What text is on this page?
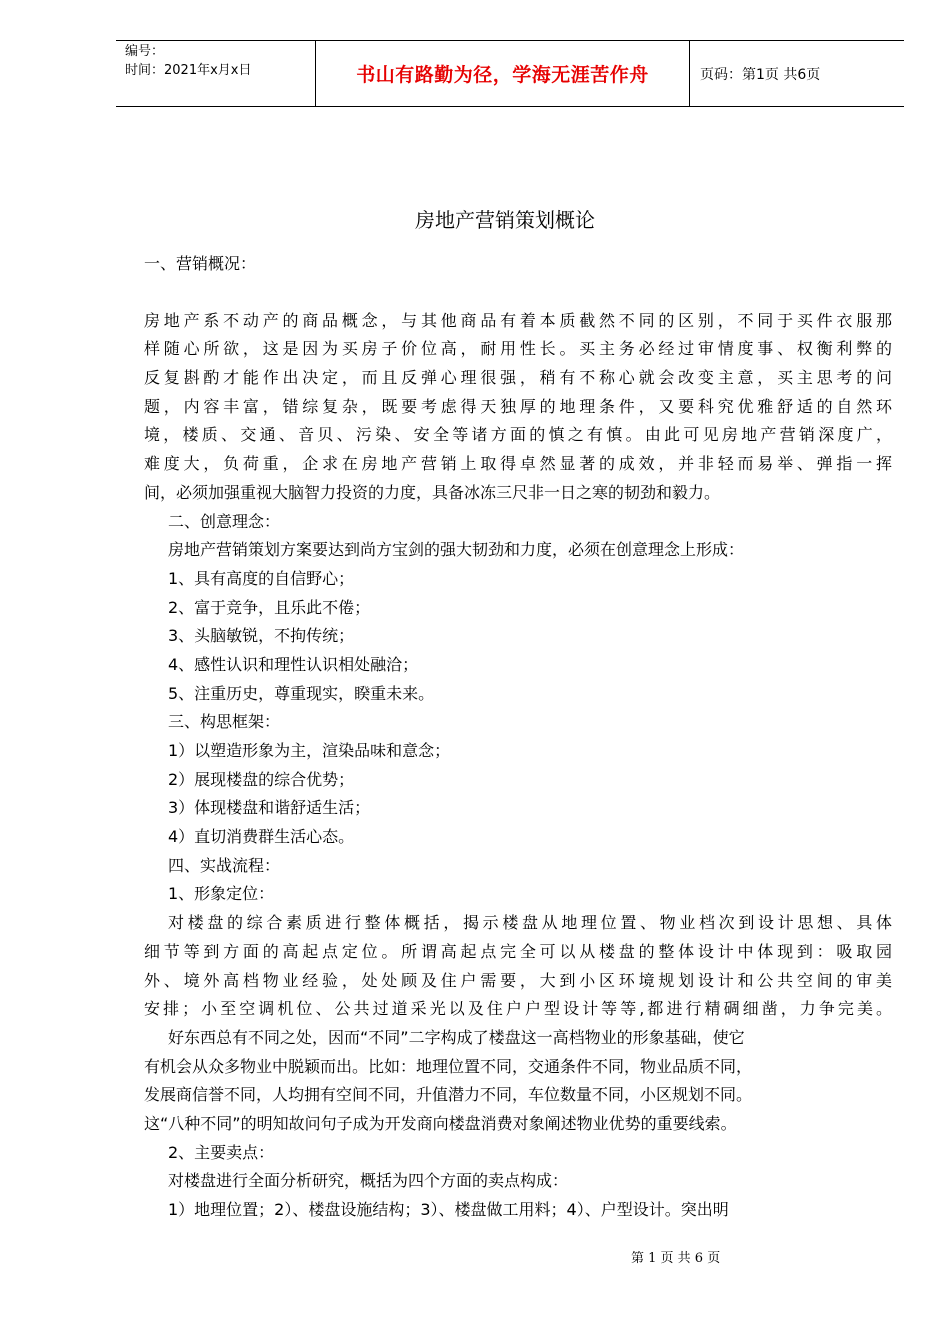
编号：
时间：2021年x月x日	书山有路勤为径，学海无涯苦作舟	页码：第1页 共6页
房地产营销策划概论
一、营销概况：
房地产系不动产的商品概念，与其他商品有着本质截然不同的区别，不同于买件衣服那
样随心所欲，这是因为买房子价位高，耐用性长。买主务必经过审情度事、权衡利弊的
反复斟酌才能作出决定，而且反弹心理很强，稍有不称心就会改变主意，买主思考的问
题，内容丰富，错综复杂，既要考虑得天独厚的地理条件，又要科究优雅舒适的自然环
境，楼质、交通、音贝、污染、安全等诸方面的慎之有慎。由此可见房地产营销深度广，
难度大，负荷重，企求在房地产营销上取得卓然显著的成效，并非轻而易举、弹指一挥
间，必须加强重视大脑智力投资的力度，具备冰冻三尺非一日之寒的韧劲和毅力。
二、创意理念：
房地产营销策划方案要达到尚方宝剑的强大韧劲和力度，必须在创意理念上形成：
1、具有高度的自信野心；
2、富于竞争，且乐此不倦；
3、头脑敏锐，不拘传统；
4、感性认识和理性认识相处融洽；
5、注重历史，尊重现实，睽重未来。
三、构思框架：
1）以塑造形象为主，渲染品味和意念；
2）展现楼盘的综合优势；
3）体现楼盘和谐舒适生活；
4）直切消费群生活心态。
四、实战流程：
1、形象定位：
对楼盘的综合素质进行整体概括，揭示楼盘从地理位置、物业档次到设计思想、具体
细节等到方面的高起点定位。所谓高起点完全可以从楼盘的整体设计中体现到：吸取园
外、境外高档物业经验，处处顾及住户需要，大到小区环境规划设计和公共空间的审美
安排；小至空调机位、公共过道采光以及住户户型设计等等,都进行精碉细凿，力争完美。
好东西总有不同之处，因而“不同”二字构成了楼盘这一高档物业的形象基础，使它
有机会从众多物业中脱颖而出。比如：地理位置不同，交通条件不同，物业品质不同，
发展商信誉不同，人均拥有空间不同，升值潜力不同，车位数量不同，小区规划不同。
这“八种不同”的明知故问句子成为开发商向楼盘消费对象阐述物业优势的重要线索。
2、主要卖点：
对楼盘进行全面分析研究，概括为四个方面的卖点构成：
1）地理位置；2）、楼盘设施结构；3）、楼盘做工用料；4）、户型设计。突出明
第 1 页 共 6 页
